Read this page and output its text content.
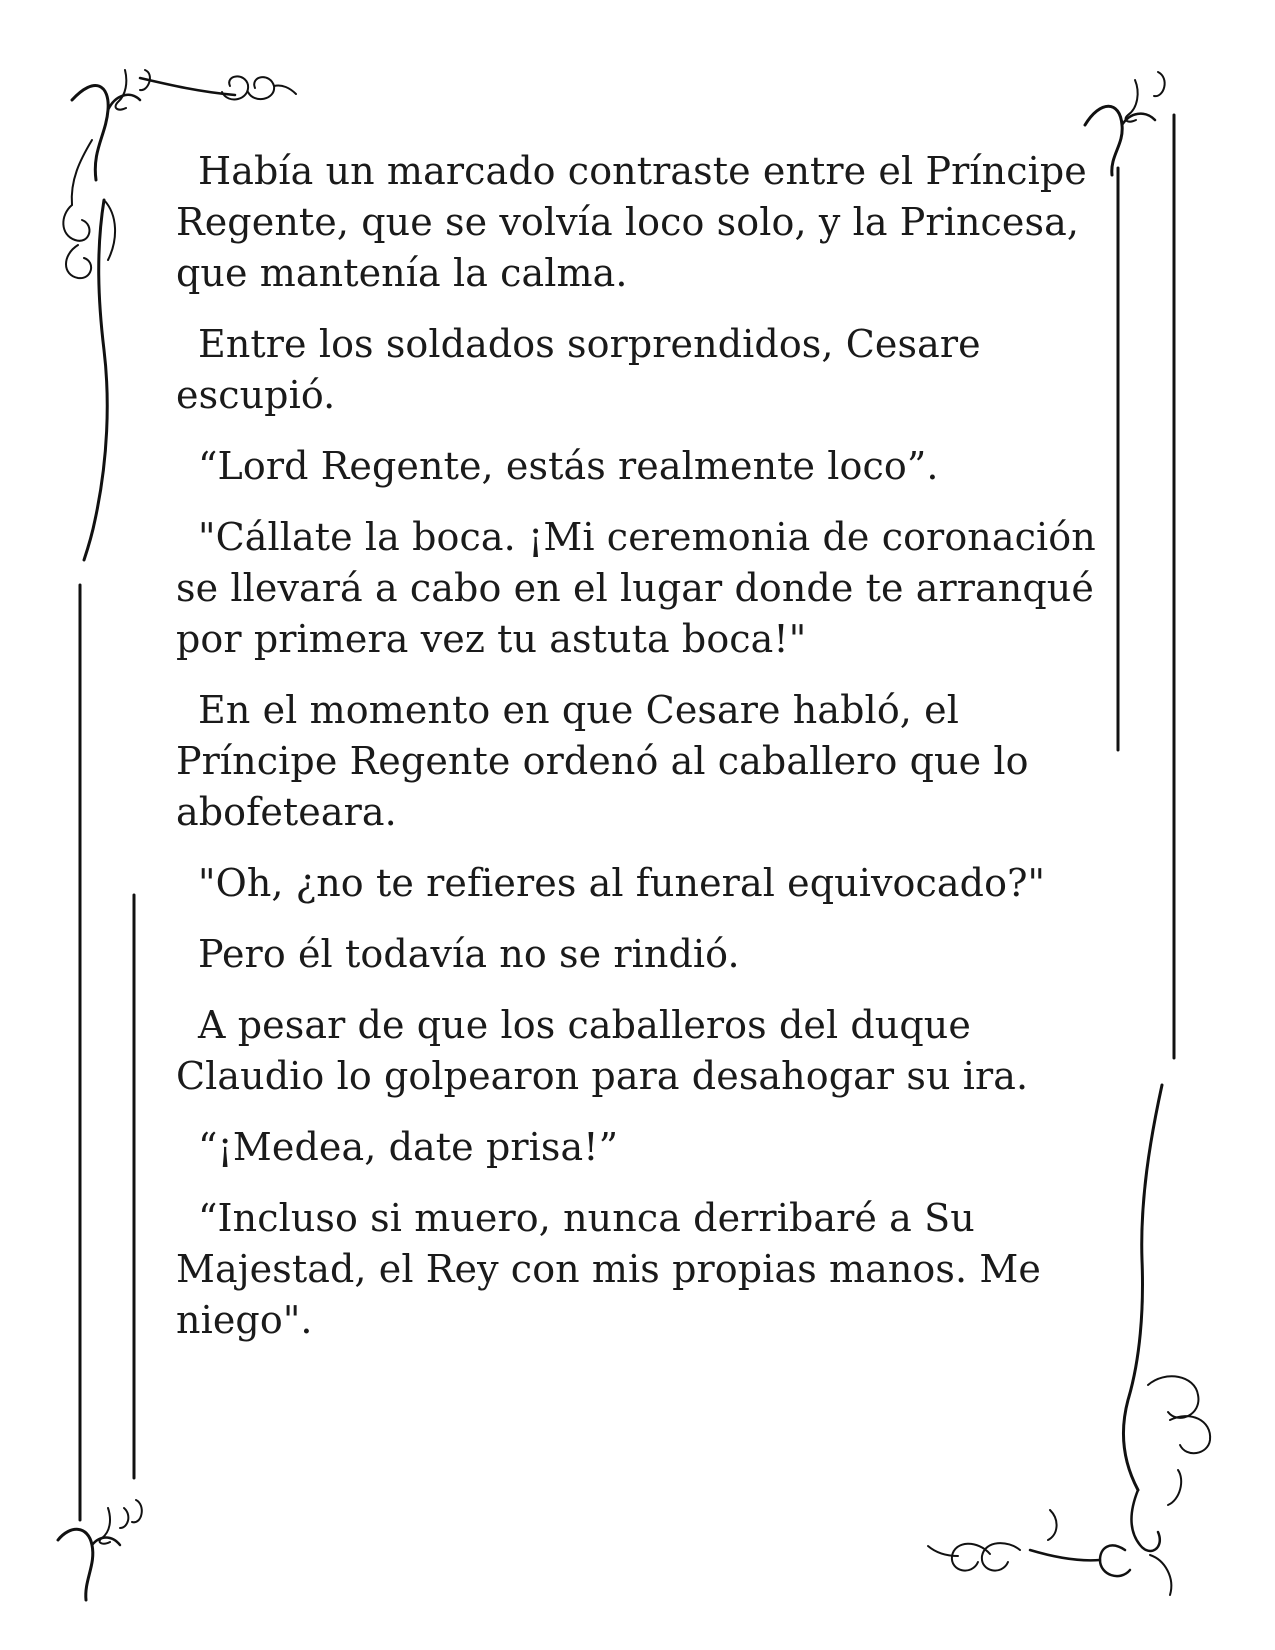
Había un marcado contraste entre el Príncipe Regente, que se volvía loco solo, y la Princesa, que mantenía la calma.

Entre los soldados sorprendidos, Cesare escupió.

“Lord Regente, estás realmente loco”.

"Cállate la boca. ¡Mi ceremonia de coronación se llevará a cabo en el lugar donde te arranqué por primera vez tu astuta boca!"

En el momento en que Cesare habló, el Príncipe Regente ordenó al caballero que lo abofeteara.

"Oh, ¿no te refieres al funeral equivocado?"

Pero él todavía no se rindió.

A pesar de que los caballeros del duque Claudio lo golpearon para desahogar su ira.

“¡Medea, date prisa!”

“Incluso si muero, nunca derribaré a Su Majestad, el Rey con mis propias manos. Me niego".
